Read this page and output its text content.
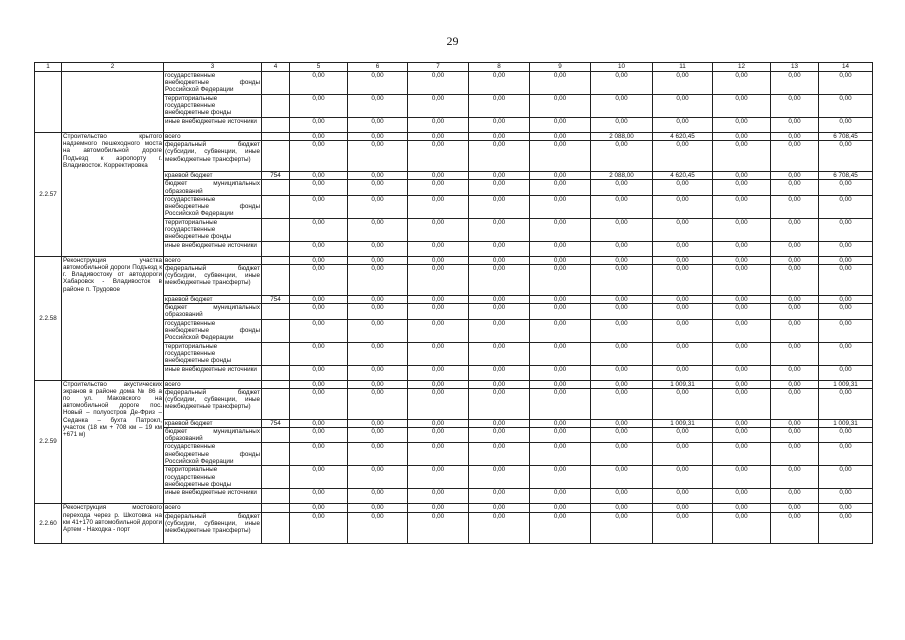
29
1	2	3	4	5	6	7	8	9	10	11	12	13	14
		государственные внебюджетные фонды Российской Федерации		0,00	0,00	0,00	0,00	0,00	0,00	0,00	0,00	0,00	0,00
		территориальные государственные внебюджетные фонды		0,00	0,00	0,00	0,00	0,00	0,00	0,00	0,00	0,00	0,00
		иные внебюджетные источники		0,00	0,00	0,00	0,00	0,00	0,00	0,00	0,00	0,00	0,00
2.2.57	Строительство крытого надземного пешеходного моста на автомобильной дороге Подъезд к аэропорту г. Владивосток. Корректировка	всего		0,00	0,00	0,00	0,00	0,00	2 088,00	4 620,45	0,00	0,00	6 708,45
		федеральный бюджет (субсидии, субвенции, иные межбюджетные трансферты)		0,00	0,00	0,00	0,00	0,00	0,00	0,00	0,00	0,00	0,00
		краевой бюджет	754	0,00	0,00	0,00	0,00	0,00	2 088,00	4 620,45	0,00	0,00	6 708,45
		бюджет муниципальных образований		0,00	0,00	0,00	0,00	0,00	0,00	0,00	0,00	0,00	0,00
		государственные внебюджетные фонды Российской Федерации		0,00	0,00	0,00	0,00	0,00	0,00	0,00	0,00	0,00	0,00
		территориальные государственные внебюджетные фонды		0,00	0,00	0,00	0,00	0,00	0,00	0,00	0,00	0,00	0,00
		иные внебюджетные источники		0,00	0,00	0,00	0,00	0,00	0,00	0,00	0,00	0,00	0,00
2.2.58	Реконструкция участка автомобильной дороги Подъезд к г. Владивостоку от автодороги Хабаровск - Владивосток в районе п. Трудовое	всего		0,00	0,00	0,00	0,00	0,00	0,00	0,00	0,00	0,00	0,00
		федеральный бюджет (субсидии, субвенции, иные межбюджетные трансферты)		0,00	0,00	0,00	0,00	0,00	0,00	0,00	0,00	0,00	0,00
		краевой бюджет	754	0,00	0,00	0,00	0,00	0,00	0,00	0,00	0,00	0,00	0,00
		бюджет муниципальных образований		0,00	0,00	0,00	0,00	0,00	0,00	0,00	0,00	0,00	0,00
		государственные внебюджетные фонды Российской Федерации		0,00	0,00	0,00	0,00	0,00	0,00	0,00	0,00	0,00	0,00
		территориальные государственные внебюджетные фонды		0,00	0,00	0,00	0,00	0,00	0,00	0,00	0,00	0,00	0,00
		иные внебюджетные источники		0,00	0,00	0,00	0,00	0,00	0,00	0,00	0,00	0,00	0,00
2.2.59	Строительство акустических экранов в районе дома № 86 а по ул. Маковского на автомобильной дороге пос. Новый – полуостров Де-Фриз – Седанка – бухта Патрокл, участок (18 км + 708 км – 19 км +671 м)	всего		0,00	0,00	0,00	0,00	0,00	0,00	1 009,31	0,00	0,00	1 009,31
		федеральный бюджет (субсидии, субвенции, иные межбюджетные трансферты)		0,00	0,00	0,00	0,00	0,00	0,00	0,00	0,00	0,00	0,00
		краевой бюджет	754	0,00	0,00	0,00	0,00	0,00	0,00	1 009,31	0,00	0,00	1 009,31
		бюджет муниципальных образований		0,00	0,00	0,00	0,00	0,00	0,00	0,00	0,00	0,00	0,00
		государственные внебюджетные фонды Российской Федерации		0,00	0,00	0,00	0,00	0,00	0,00	0,00	0,00	0,00	0,00
		территориальные государственные внебюджетные фонды		0,00	0,00	0,00	0,00	0,00	0,00	0,00	0,00	0,00	0,00
		иные внебюджетные источники		0,00	0,00	0,00	0,00	0,00	0,00	0,00	0,00	0,00	0,00
2.2.60	Реконструкция мостового перехода через р. Шкотовка на км 41+170 автомобильной дороги Артем - Находка - порт	всего		0,00	0,00	0,00	0,00	0,00	0,00	0,00	0,00	0,00	0,00
		федеральный бюджет (субсидии, субвенции, иные межбюджетные трансферты)		0,00	0,00	0,00	0,00	0,00	0,00	0,00	0,00	0,00	0,00
